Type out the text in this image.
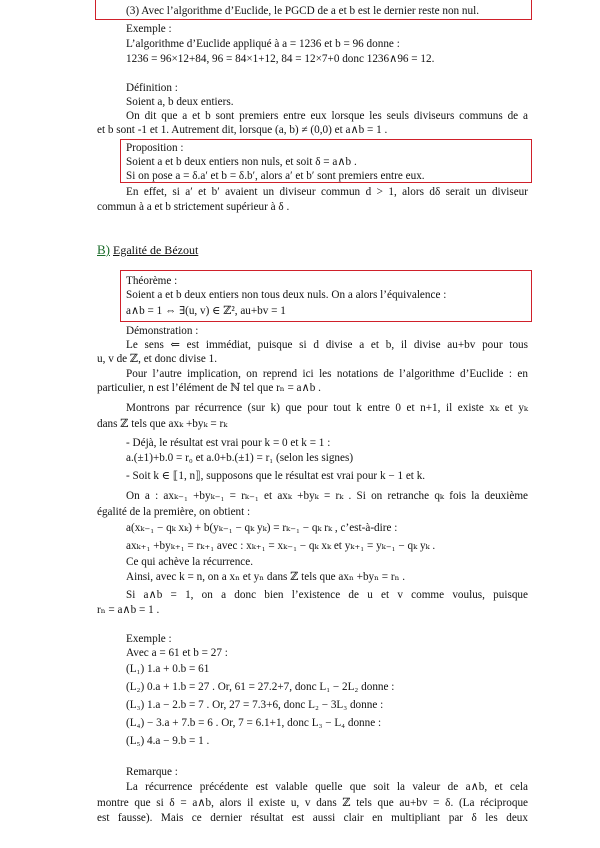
(3) Avec l’algorithme d’Euclide, le PGCD de a et b est le dernier reste non nul.
Exemple :
L’algorithme d’Euclide appliqué à a = 1236 et b = 96 donne :
1236 = 96×12+84, 96 = 84×1+12, 84 = 12×7+0 donc 1236∧96 = 12.
Définition :
Soient a, b deux entiers.
On dit que a et b sont premiers entre eux lorsque les seuls diviseurs communs de a
et b sont -1 et 1. Autrement dit, lorsque (a, b) ≠ (0,0) et a∧b = 1 .
Proposition :
Soient a et b deux entiers non nuls, et soit δ = a∧b .
Si on pose a = δ.a′ et b = δ.b′, alors a′ et b′ sont premiers entre eux.
En effet, si a′ et b′ avaient un diviseur commun d > 1, alors dδ serait un diviseur
commun à a et b strictement supérieur à δ .
B) Egalité de Bézout
Théorème :
Soient a et b deux entiers non tous deux nuls. On a alors l’équivalence :
a∧b = 1 ⇔ ∃(u, v) ∈ ℤ², au+bv = 1
Démonstration :
Le sens ⇐ est immédiat, puisque si d divise a et b, il divise au+bv pour tous
u, v de ℤ, et donc divise 1.
Pour l’autre implication, on reprend ici les notations de l’algorithme d’Euclide : en
particulier, n est l’élément de ℕ tel que rₙ = a∧b .
Montrons par récurrence (sur k) que pour tout k entre 0 et n+1, il existe xₖ et yₖ
dans ℤ tels que axₖ +byₖ = rₖ
- Déjà, le résultat est vrai pour k = 0 et k = 1 :
a.(±1)+b.0 = r₀ et a.0+b.(±1) = r₁ (selon les signes)
- Soit k ∈ ⟦1, n⟧, supposons que le résultat est vrai pour k − 1 et k.
On a : axₖ₋₁ +byₖ₋₁ = rₖ₋₁ et axₖ +byₖ = rₖ . Si on retranche qₖ fois la deuxième
égalité de la première, on obtient :
a(xₖ₋₁ − qₖ xₖ) + b(yₖ₋₁ − qₖ yₖ) = rₖ₋₁ − qₖ rₖ , c’est-à-dire :
axₖ₊₁ +byₖ₊₁ = rₖ₊₁ avec : xₖ₊₁ = xₖ₋₁ − qₖ xₖ et yₖ₊₁ = yₖ₋₁ − qₖ yₖ .
Ce qui achève la récurrence.
Ainsi, avec k = n, on a xₙ et yₙ dans ℤ tels que axₙ +byₙ = rₙ .
Si a∧b = 1, on a donc bien l’existence de u et v comme voulus, puisque
rₙ = a∧b = 1 .
Exemple :
Avec a = 61 et b = 27 :
(L₁) 1.a + 0.b = 61
(L₂) 0.a + 1.b = 27 . Or, 61 = 27.2+7, donc L₁ − 2L₂ donne :
(L₃) 1.a − 2.b = 7 . Or, 27 = 7.3+6, donc L₂ − 3L₃ donne :
(L₄) − 3.a + 7.b = 6 . Or, 7 = 6.1+1, donc L₃ − L₄ donne :
(L₅) 4.a − 9.b = 1 .
Remarque :
La récurrence précédente est valable quelle que soit la valeur de a∧b, et cela
montre que si δ = a∧b, alors il existe u, v dans ℤ tels que au+bv = δ. (La réciproque
est fausse). Mais ce dernier résultat est aussi clair en multipliant par δ les deux
